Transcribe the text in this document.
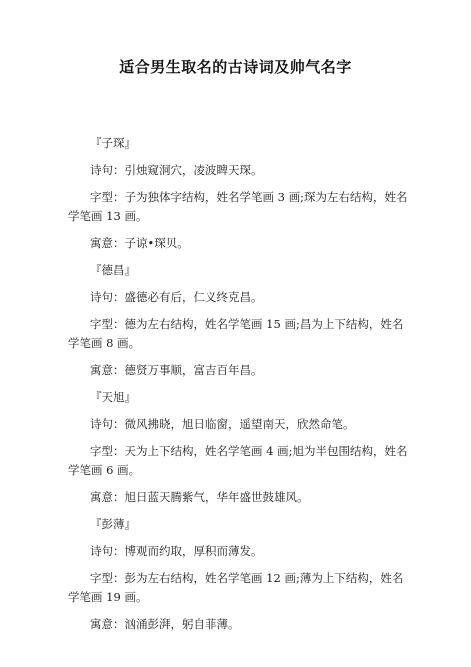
适合男生取名的古诗词及帅气名字

『子琛』

诗句：引烛窥洞穴，凌波睥天琛。

字型：子为独体字结构，姓名学笔画 3 画;琛为左右结构，姓名学笔画 13 画。

寓意：子谅•琛贝。

『德昌』

诗句：盛德必有后，仁义终克昌。

字型：德为左右结构，姓名学笔画 15 画;昌为上下结构，姓名学笔画 8 画。

寓意：德贤万事顺，富吉百年昌。

『天旭』

诗句：微风拂晓，旭日临窗，遥望南天，欣然命笔。

字型：天为上下结构，姓名学笔画 4 画;旭为半包围结构，姓名学笔画 6 画。

寓意：旭日蓝天腾紫气，华年盛世鼓雄风。

『彭薄』

诗句：博观而约取，厚积而薄发。

字型：彭为左右结构，姓名学笔画 12 画;薄为上下结构，姓名学笔画 19 画。

寓意：汹涌彭湃，躬自菲薄。
